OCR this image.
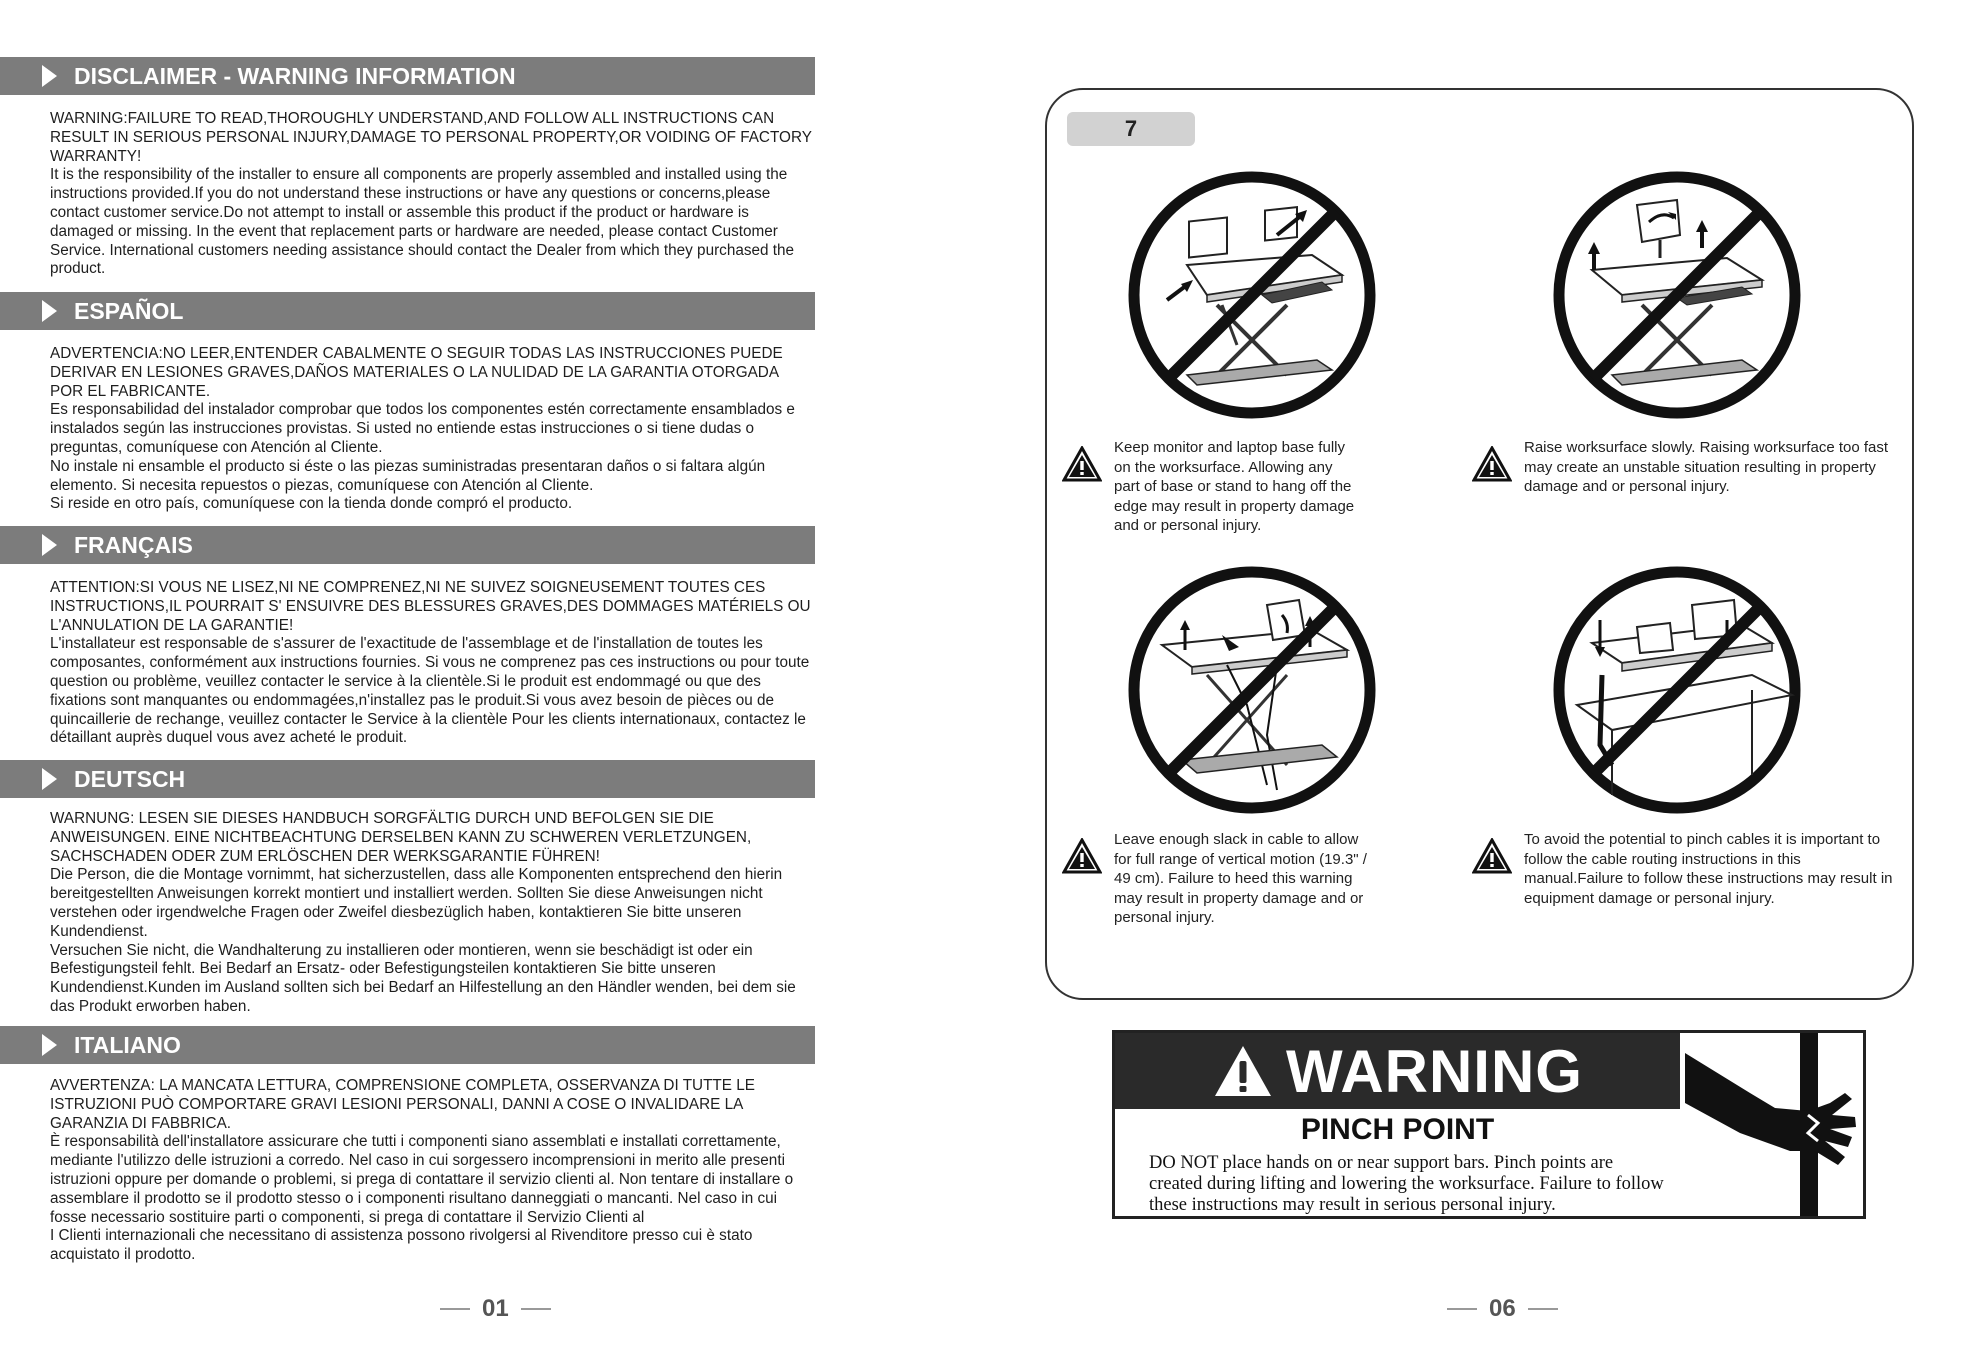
DISCLAIMER - WARNING INFORMATION

WARNING:FAILURE TO READ,THOROUGHLY UNDERSTAND,AND FOLLOW ALL INSTRUCTIONS CAN RESULT IN SERIOUS PERSONAL INJURY,DAMAGE TO PERSONAL PROPERTY,OR VOIDING OF FACTORY WARRANTY!

It is the responsibility of the installer to ensure all components are properly assembled and installed using the instructions provided.If you do not understand these instructions or have any questions or concerns,please contact customer service.Do not attempt to install or assemble this product if the product or hardware is damaged or missing. In the event that replacement parts or hardware are needed, please contact Customer Service. International customers needing assistance should contact the Dealer from which they purchased the product.

ESPAÑOL

ADVERTENCIA:NO LEER,ENTENDER CABALMENTE O SEGUIR TODAS LAS INSTRUCCIONES PUEDE DERIVAR EN LESIONES GRAVES,DAÑOS MATERIALES O LA NULIDAD DE LA GARANTIA OTORGADA POR EL FABRICANTE.

Es responsabilidad del instalador comprobar que todos los componentes estén correctamente ensamblados e instalados según las instrucciones provistas. Si usted no entiende estas instrucciones o si tiene dudas o preguntas, comuníquese con Atención al Cliente.

No instale ni ensamble el producto si éste o las piezas suministradas presentaran daños o si faltara algún elemento. Si necesita repuestos o piezas, comuníquese con Atención al Cliente.

Si reside en otro país, comuníquese con la tienda donde compró el producto.

FRANÇAIS

ATTENTION:SI VOUS NE LISEZ,NI NE COMPRENEZ,NI NE SUIVEZ SOIGNEUSEMENT TOUTES CES INSTRUCTIONS,IL POURRAIT S' ENSUIVRE DES BLESSURES GRAVES,DES DOMMAGES MATÉRIELS OU L'ANNULATION DE LA GARANTIE!

L'installateur est responsable de s'assurer de l'exactitude de l'assemblage et de l'installation de toutes les composantes, conformément aux instructions fournies. Si vous ne comprenez pas ces instructions ou pour toute question ou problème, veuillez contacter le service à la clientèle.Si le produit est endommagé ou que des fixations sont manquantes ou endommagées,n'installez pas le produit.Si vous avez besoin de pièces ou de quincaillerie de rechange, veuillez contacter le Service à la clientèle Pour les clients internationaux, contactez le détaillant auprès duquel vous avez acheté le produit.

DEUTSCH

WARNUNG: LESEN SIE DIESES HANDBUCH SORGFÄLTIG DURCH UND BEFOLGEN SIE DIE ANWEISUNGEN. EINE NICHTBEACHTUNG DERSELBEN KANN ZU SCHWEREN VERLETZUNGEN, SACHSCHADEN ODER ZUM ERLÖSCHEN DER WERKSGARANTIE FÜHREN!

Die Person, die die Montage vornimmt, hat sicherzustellen, dass alle Komponenten entsprechend den hierin bereitgestellten Anweisungen korrekt montiert und installiert werden. Sollten Sie diese Anweisungen nicht verstehen oder irgendwelche Fragen oder Zweifel diesbezüglich haben, kontaktieren Sie bitte unseren Kundendienst.

Versuchen Sie nicht, die Wandhalterung zu installieren oder montieren, wenn sie beschädigt ist oder ein Befestigungsteil fehlt. Bei Bedarf an Ersatz- oder Befestigungsteilen kontaktieren Sie bitte unseren Kundendienst.Kunden im Ausland sollten sich bei Bedarf an Hilfestellung an den Händler wenden, bei dem sie das Produkt erworben haben.

ITALIANO

AVVERTENZA: LA MANCATA LETTURA, COMPRENSIONE COMPLETA, OSSERVANZA DI TUTTE LE ISTRUZIONI PUÒ COMPORTARE GRAVI LESIONI PERSONALI, DANNI A COSE O INVALIDARE LA GARANZIA DI FABBRICA.

È responsabilità dell'installatore assicurare che tutti i componenti siano assemblati e installati correttamente, mediante l'utilizzo delle istruzioni a corredo. Nel caso in cui sorgessero incomprensioni in merito alle presenti istruzioni oppure per domande o problemi, si prega di contattare il servizio clienti al. Non tentare di installare o assemblare il prodotto se il prodotto stesso o i componenti risultano danneggiati o mancanti. Nel caso in cui fosse necessario sostituire parti o componenti, si prega di contattare il Servizio Clienti al

I Clienti internazionali che necessitano di assistenza possono rivolgersi al Rivenditore presso cui è stato acquistato il prodotto.

01
7
Keep monitor and laptop base fully on the worksurface. Allowing any part of base or stand to hang off the edge may result in property damage and or personal injury.
Raise worksurface slowly. Raising worksurface too fast may create an unstable situation resulting in property damage and or personal injury.
Leave enough slack in cable to allow for full range of vertical motion (19.3" / 49 cm). Failure to heed this warning may result in property damage and or personal injury.
To avoid the potential to pinch cables it is important to follow the cable routing instructions in this manual.Failure to follow these instructions may result in equipment damage or personal injury.
WARNING
PINCH POINT
DO NOT place hands on or near support bars. Pinch points are created during lifting and lowering the worksurface. Failure to follow these instructions may result in serious personal injury.
06
